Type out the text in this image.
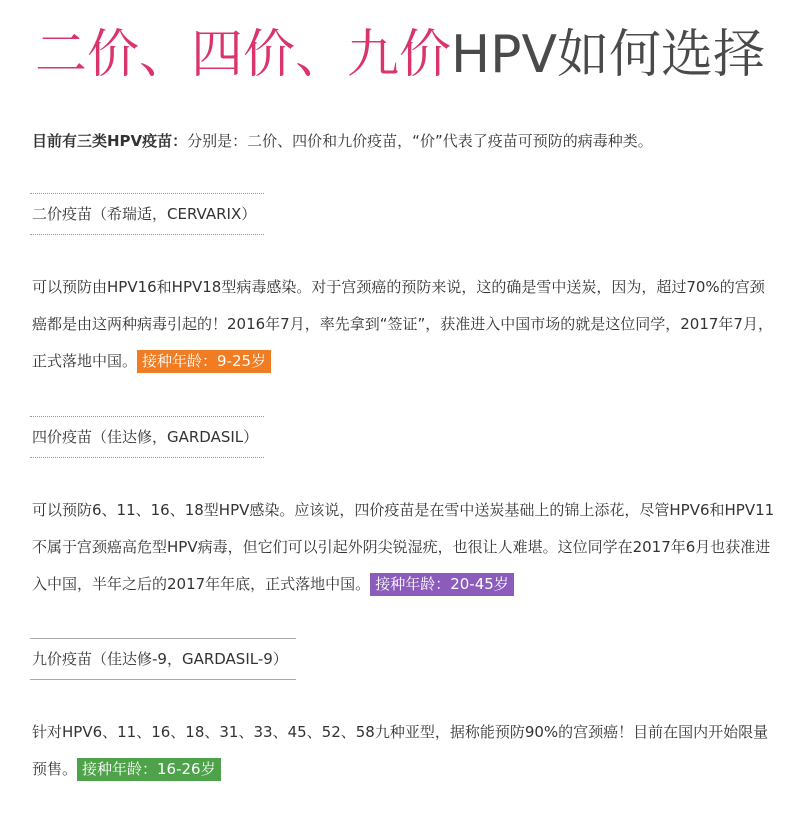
二价、四价、九价HPV如何选择
目前有三类HPV疫苗：分别是：二价、四价和九价疫苗，“价”代表了疫苗可预防的病毒种类。
二价疫苗（希瑞适，CERVARIX）
可以预防由HPV16和HPV18型病毒感染。对于宫颈癌的预防来说，这的确是雪中送炭，因为，超过70%的宫颈癌都是由这两种病毒引起的！2016年7月，率先拿到“签证”，获准进入中国市场的就是这位同学，2017年7月，正式落地中国。 接种年龄：9-25岁
四价疫苗（佳达修，GARDASIL）
可以预防6、11、16、18型HPV感染。应该说，四价疫苗是在雪中送炭基础上的锦上添花，尽管HPV6和HPV11不属于宫颈癌高危型HPV病毒，但它们可以引起外阴尖锐湿疣，也很让人难堪。这位同学在2017年6月也获准进入中国，半年之后的2017年年底，正式落地中国。 接种年龄：20-45岁
九价疫苗（佳达修-9，GARDASIL-9）
针对HPV6、11、16、18、31、33、45、52、58九种亚型，据称能预防90%的宫颈癌！目前在国内开始限量预售。 接种年龄：16-26岁
